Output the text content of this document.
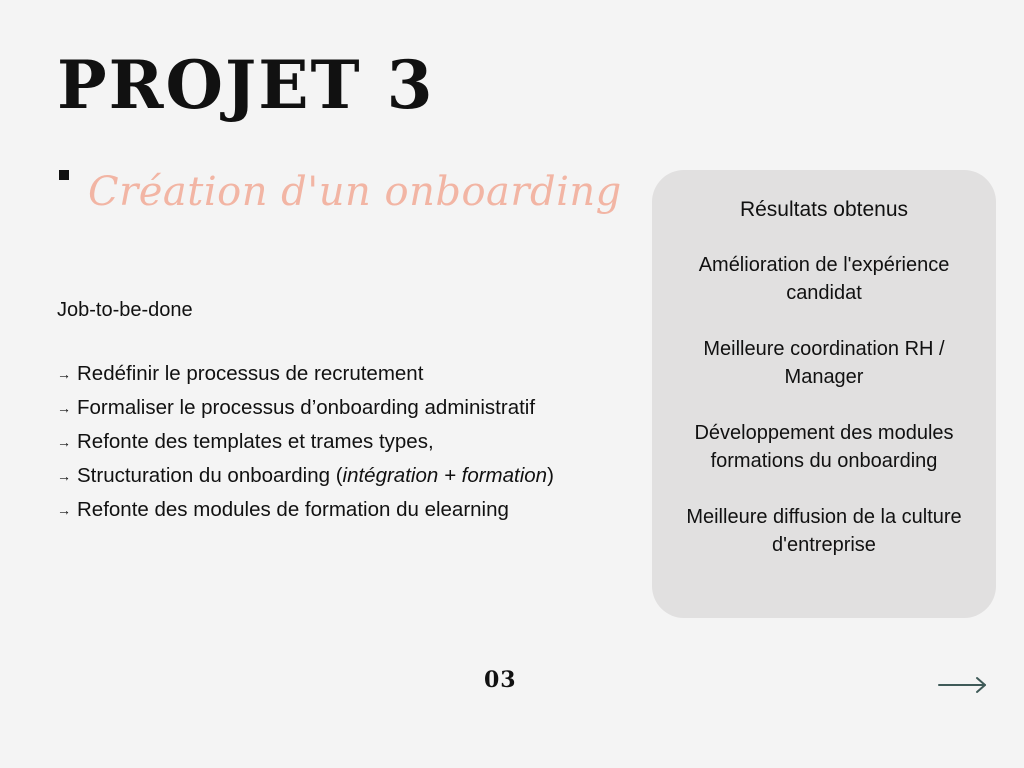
PROJET 3
Création d'un onboarding
Job-to-be-done
→ Redéfinir le processus de recrutement
→ Formaliser le processus d’onboarding administratif
→ Refonte des templates et trames types,
→ Structuration du onboarding (intégration + formation)
→ Refonte des modules de formation du elearning
Résultats obtenus
Amélioration de l'expérience candidat
Meilleure coordination RH / Manager
Développement des modules formations du onboarding
Meilleure diffusion de la culture d'entreprise
03
